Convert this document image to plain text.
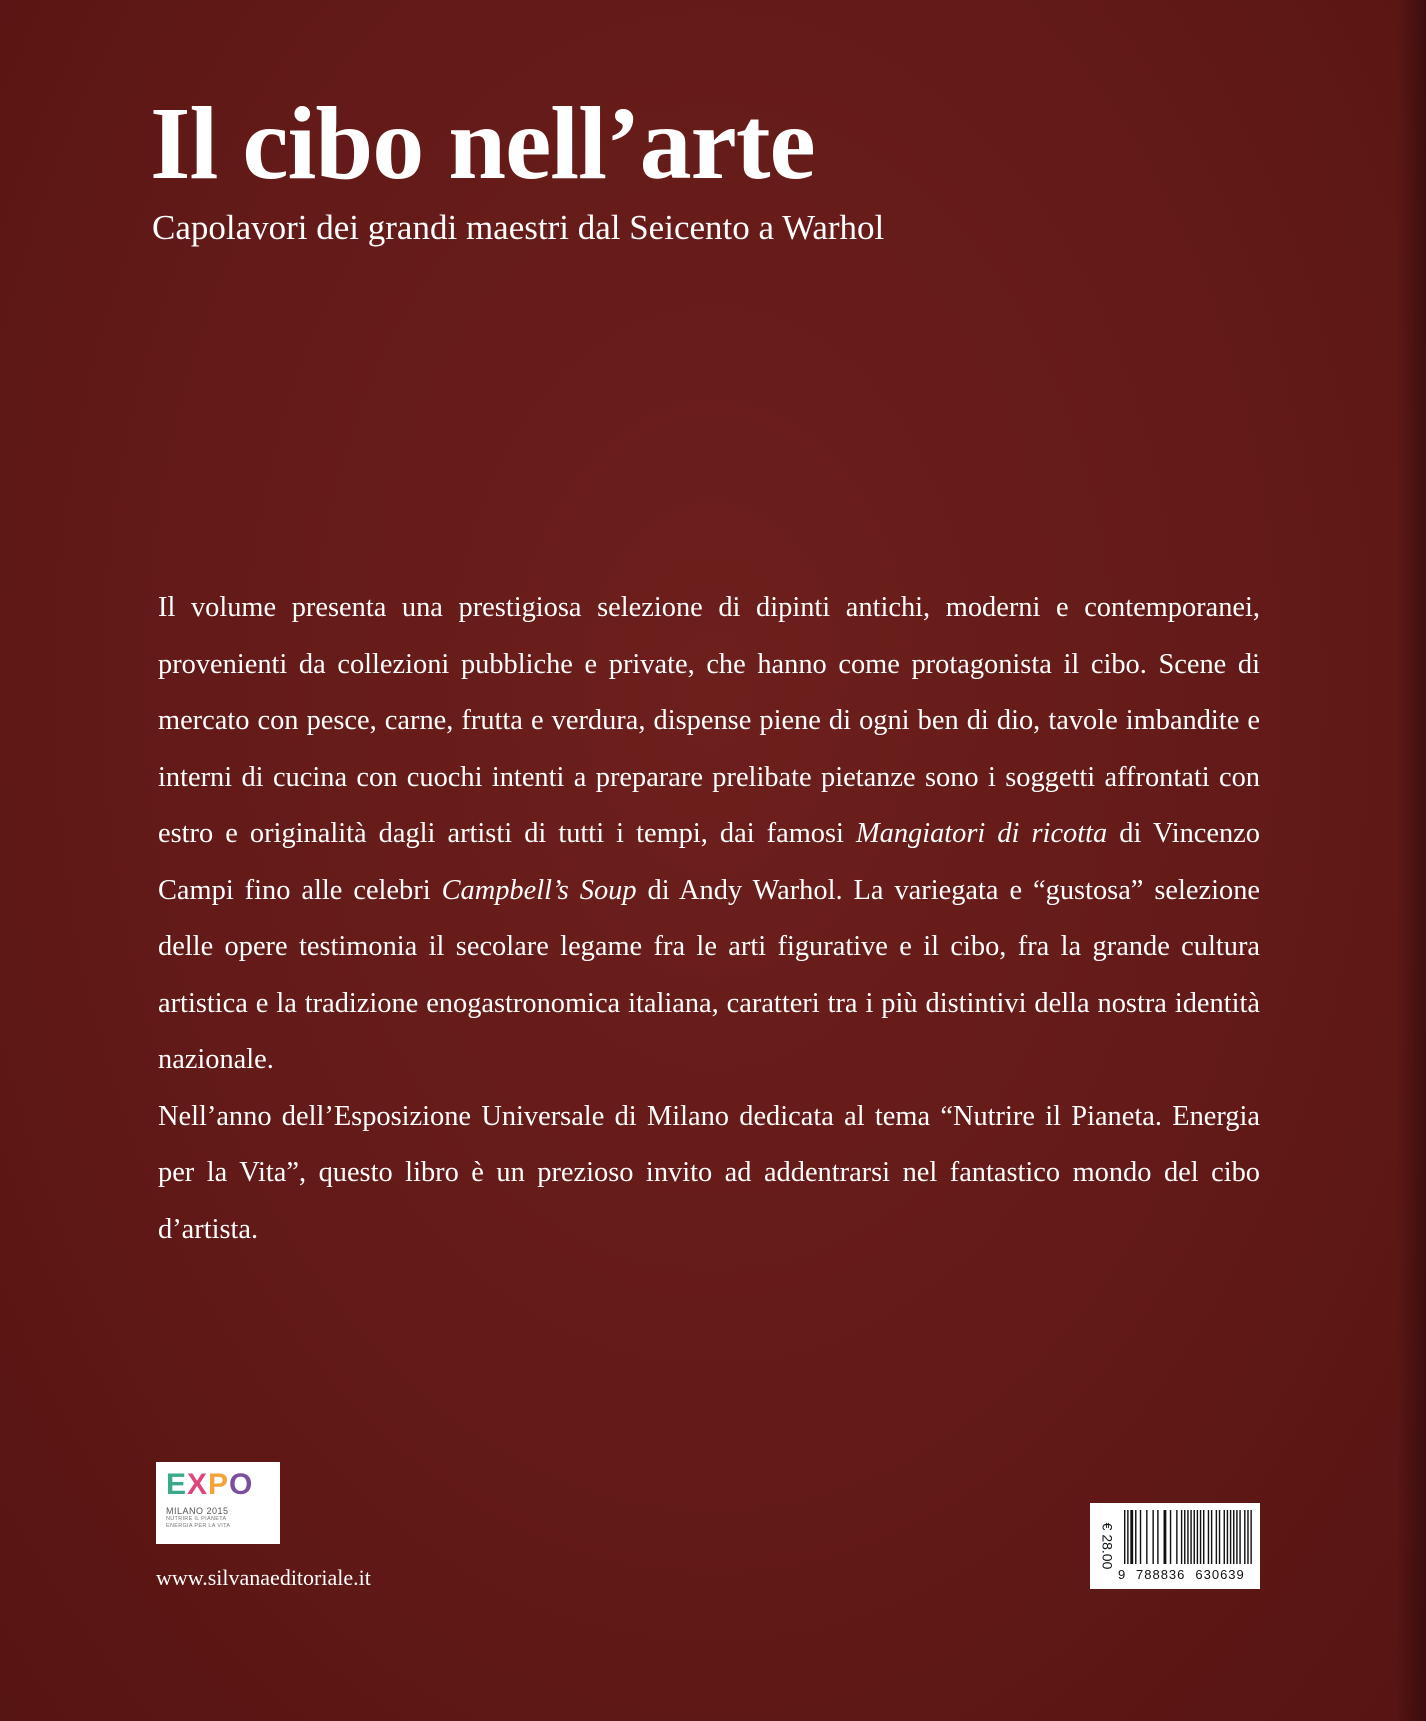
Il cibo nell’arte
Capolavori dei grandi maestri dal Seicento a Warhol

Il volume presenta una prestigiosa selezione di dipinti antichi, moderni e contemporanei, provenienti da collezioni pubbliche e private, che hanno come protagonista il cibo. Scene di mercato con pesce, carne, frutta e verdura, dispense piene di ogni ben di dio, tavole imbandite e interni di cucina con cuochi intenti a preparare prelibate pietanze sono i soggetti affrontati con estro e originalità dagli artisti di tutti i tempi, dai famosi Mangiatori di ricotta di Vincenzo Campi fino alle celebri Campbell’s Soup di Andy Warhol. La variegata e “gustosa” selezione delle opere testimonia il secolare legame fra le arti figurative e il cibo, fra la grande cultura artistica e la tradizione enogastronomica italiana, caratteri tra i più distintivi della nostra identità nazionale.

Nell’anno dell’Esposizione Universale di Milano dedicata al tema “Nutrire il Pianeta. Energia per la Vita”, questo libro è un prezioso invito ad addentrarsi nel fantastico mondo del cibo d’artista.

E X P O
MILANO 2015
NUTRIRE IL PIANETA
ENERGIA PER LA VITA
www.silvanaeditoriale.it
€ 28.00
9 788836 630639
